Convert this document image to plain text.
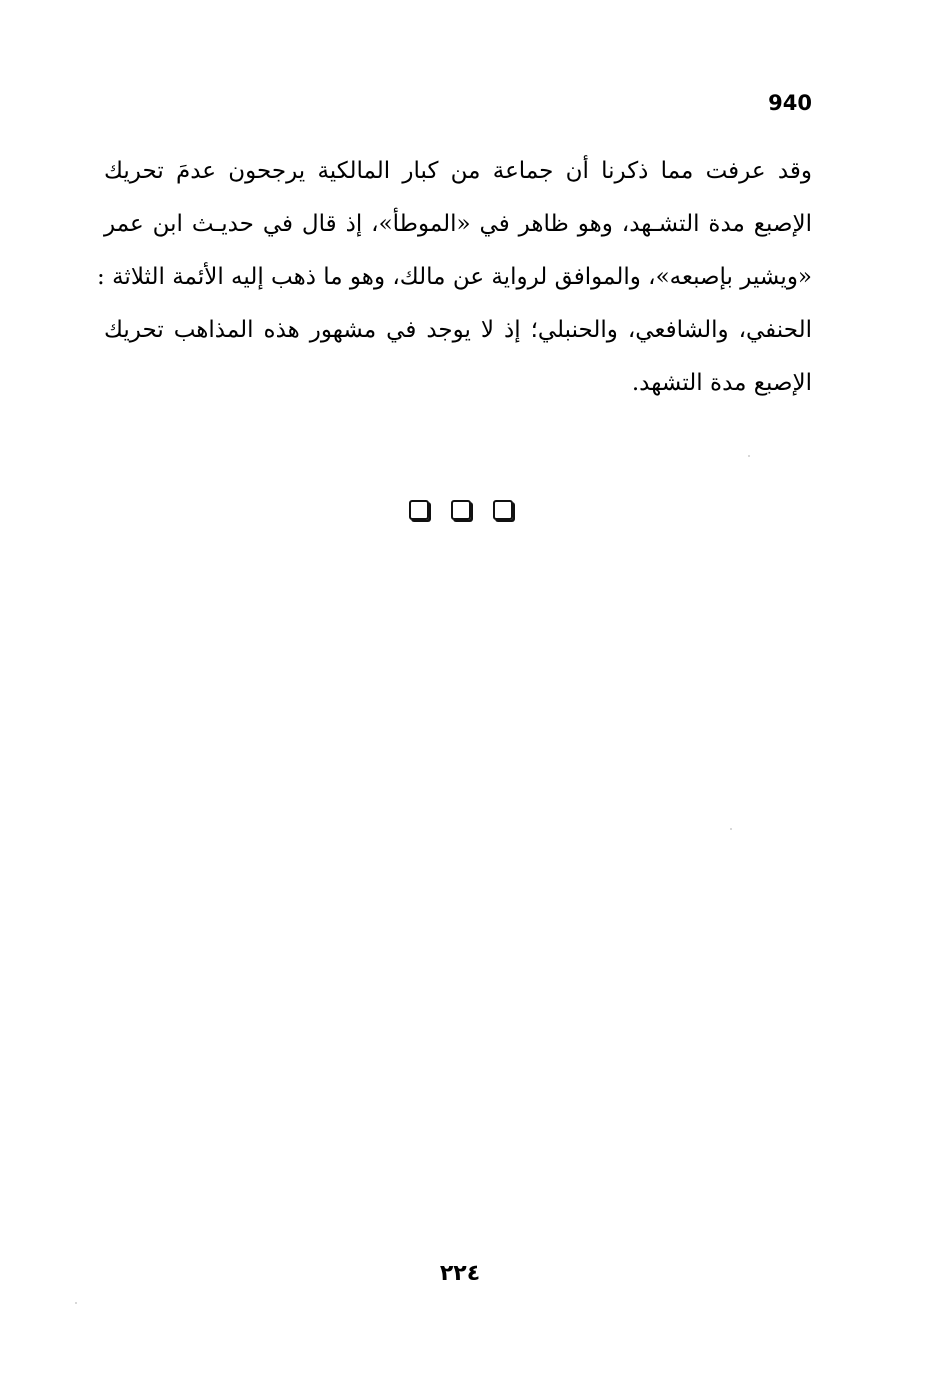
940
وقد عرفت مما ذكرنا أن جماعة من كبار المالكية يرجحون عدمَ تحريك
الإصبع مدة التشـهد، وهو ظاهر في «الموطأ»، إذ قال في حديـث ابن عمر
«ويشير بإصبعه»، والموافق لرواية عن مالك، وهو ما ذهب إليه الأئمة الثلاثة :
الحنفي، والشافعي، والحنبلي؛ إذ لا يوجد في مشهور هذه المذاهب تحريك
الإصبع مدة التشهد.
٢٢٤
